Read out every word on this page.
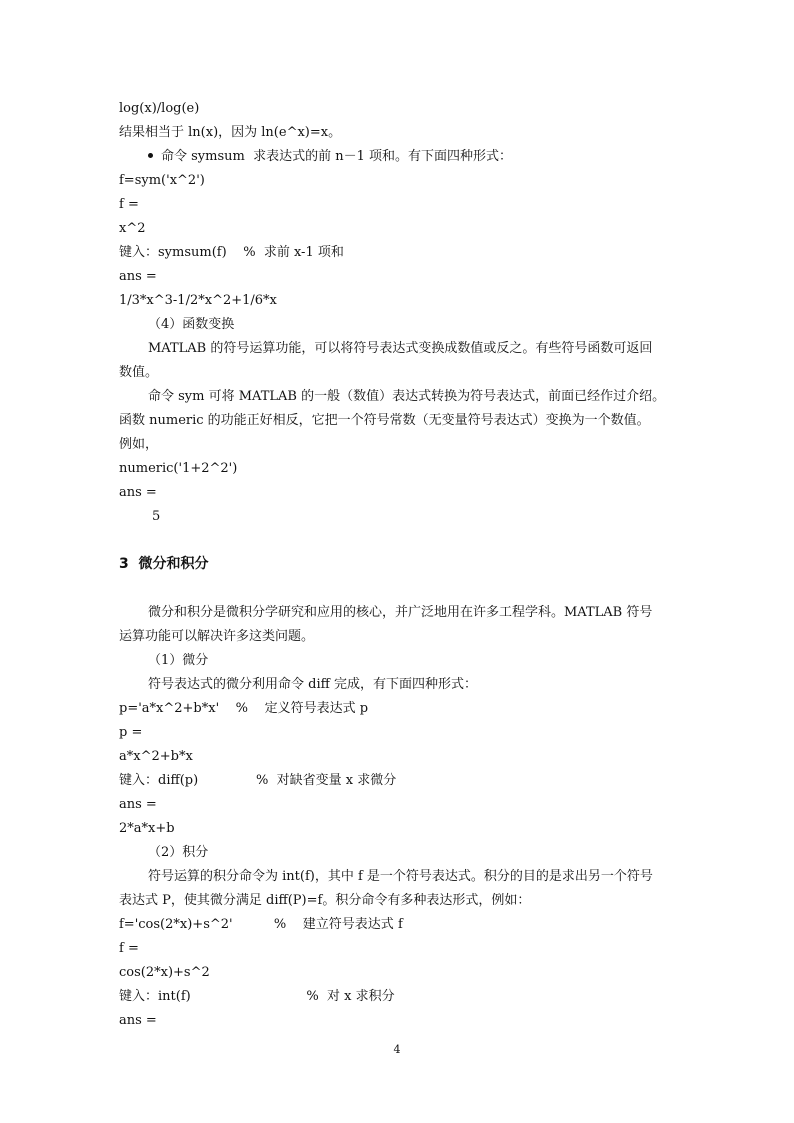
log(x)/log(e)
结果相当于 ln(x)，因为 ln(e^x)=x。
命令 symsum  求表达式的前 n－1 项和。有下面四种形式：
f=sym('x^2')
f =
x^2
键入：symsum(f)    %  求前 x-1 项和
ans =
1/3*x^3-1/2*x^2+1/6*x
（4）函数变换
MATLAB 的符号运算功能，可以将符号表达式变换成数值或反之。有些符号函数可返回
数值。
命令 sym 可将 MATLAB 的一般（数值）表达式转换为符号表达式，前面已经作过介绍。
函数 numeric 的功能正好相反，它把一个符号常数（无变量符号表达式）变换为一个数值。
例如，
numeric('1+2^2')
ans =
5
3  微分和积分
微分和积分是微积分学研究和应用的核心，并广泛地用在许多工程学科。MATLAB 符号
运算功能可以解决许多这类问题。
（1）微分
符号表达式的微分利用命令 diff 完成，有下面四种形式：
p='a*x^2+b*x'    %    定义符号表达式 p
p =
a*x^2+b*x
键入：diff(p)              %  对缺省变量 x 求微分
ans =
2*a*x+b
（2）积分
符号运算的积分命令为 int(f)，其中 f 是一个符号表达式。积分的目的是求出另一个符号
表达式 P，使其微分满足 diff(P)=f。积分命令有多种表达形式，例如：
f='cos(2*x)+s^2'          %    建立符号表达式 f
f =
cos(2*x)+s^2
键入：int(f)                            %  对 x 求积分
ans =
4
